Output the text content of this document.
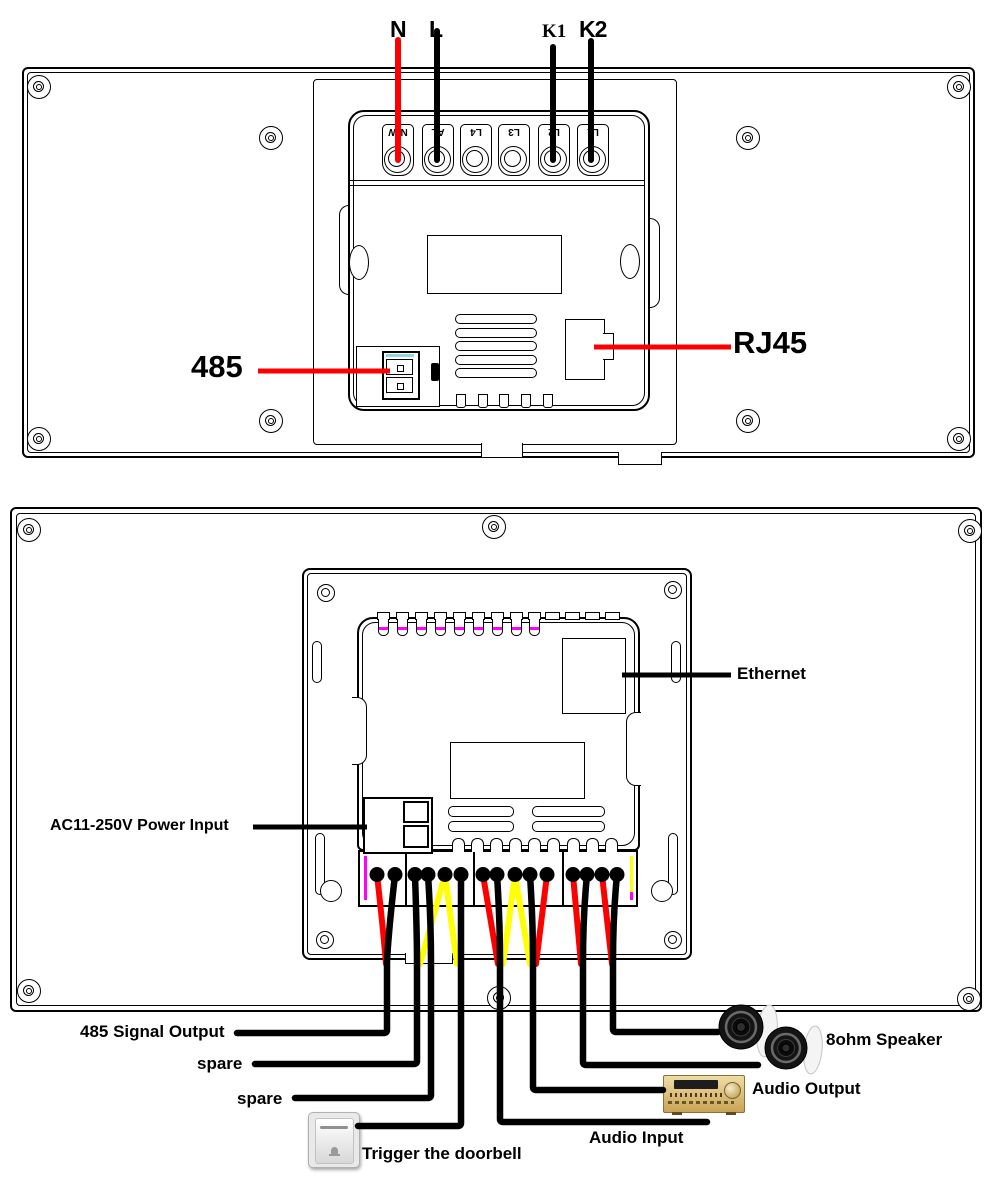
N/W	AL	L4	L3	L2	L1
N L	K1 K2
485
RJ45
Ethernet
AC11-250V Power Input
485 Signal Output
spare
spare
Trigger the doorbell
Audio Input
Audio Output
8ohm Speaker
